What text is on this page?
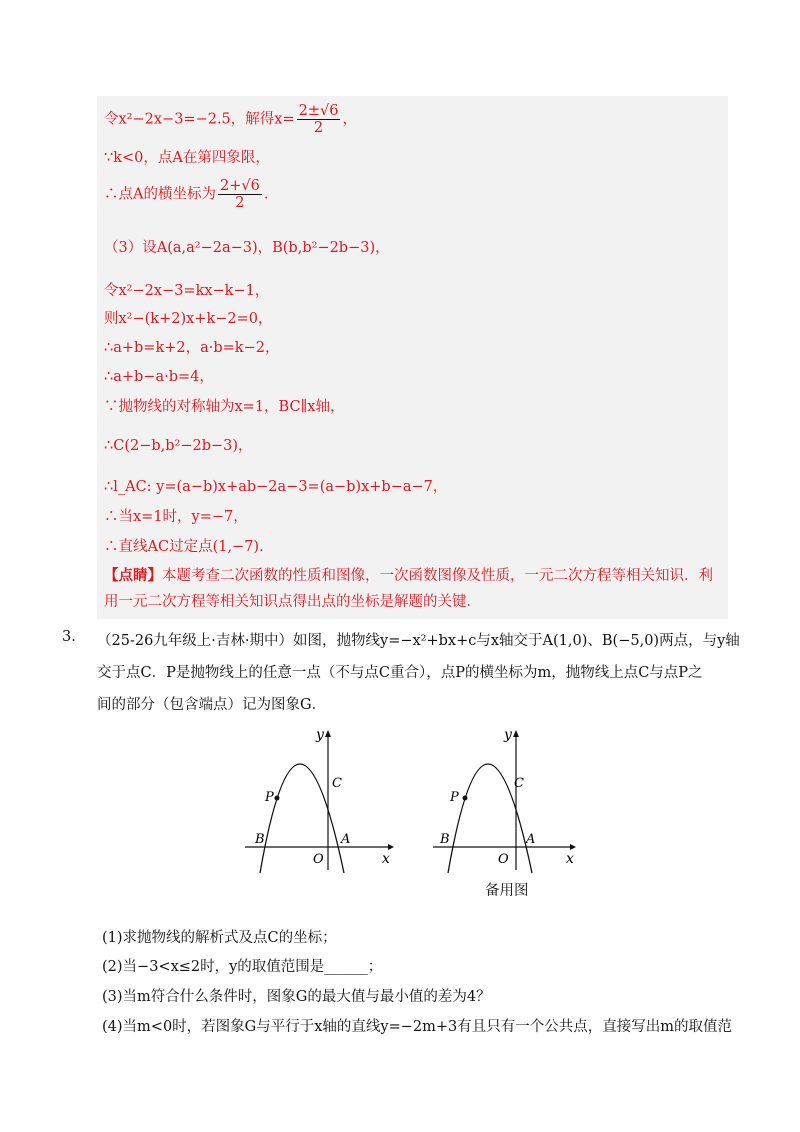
令x²−2x−3=−2.5，解得$x= \frac{2\pm√6}{2}$ ，
∵k<0，点A在第四象限，
∴点A的横坐标为 $\frac{2+√6}{2}$ .
（3）设A(a,a²−2a−3)，B(b,b²−2b−3)，
令x²−2x−3=kx−k−1，
则x²−(k+2)x+k−2=0，
∴a+b=k+2，a·b=k−2，
∴a+b−a·b=4，
∵抛物线的对称轴为x=1，BC∥x轴，
∴C(2−b,b²−2b−3)，
∴l_AC: y=(a−b)x+ab−2a−3=(a−b)x+b−a−7，
∴当x=1时，y=−7，
∴直线AC过定点(1,−7).
【点睛】本题考查二次函数的性质和图像，一次函数图像及性质，一元二次方程等相关知识．利用一元二次方程等相关知识点得出点的坐标是解题的关键．
3. （25-26九年级上·吉林·期中）如图，抛物线y=−x²+bx+c与x轴交于A(1,0)、B(−5,0)两点，与y轴
交于点C．P是抛物线上的任意一点（不与点C重合），点P的横坐标为m，抛物线上点C与点P之
间的部分（包含端点）记为图象G．
y
x
O
A
B
C
P
y
x
O
A
B
C
P
备用图
(1)求抛物线的解析式及点C的坐标；
(2)当−3<x≤2时，y的取值范围是______；
(3)当m符合什么条件时，图象G的最大值与最小值的差为4？
(4)当m<0时，若图象G与平行于x轴的直线y=−2m+3有且只有一个公共点，直接写出m的取值范
